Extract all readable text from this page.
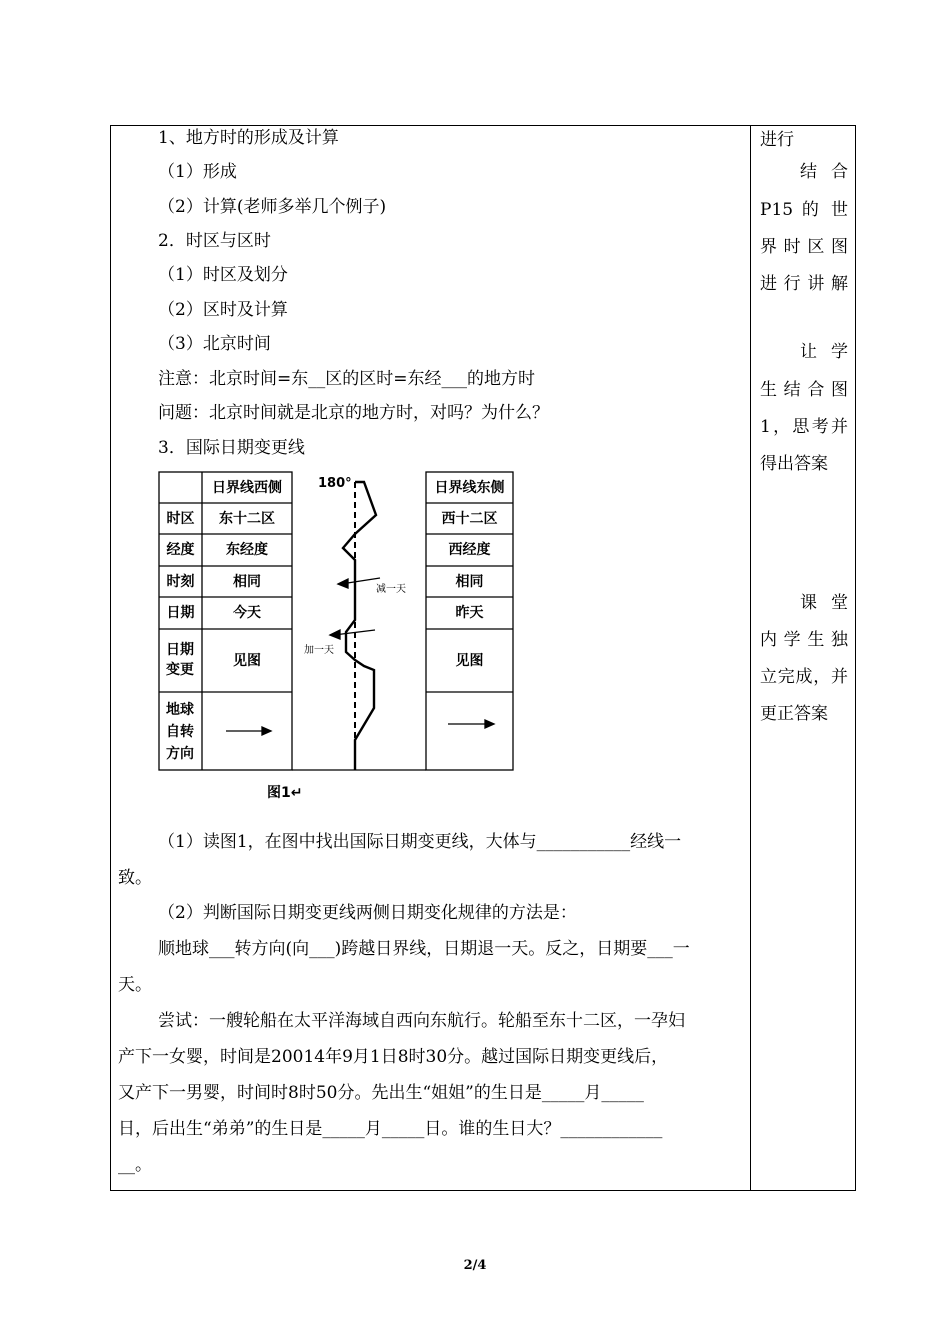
1、地方时的形成及计算
（1）形成
（2）计算(老师多举几个例子)
2．时区与区时
（1）时区及划分
（2）区时及计算
（3）北京时间
注意：北京时间=东__区的区时=东经___的地方时
问题：北京时间就是北京的地方时，对吗？为什么？
3．国际日期变更线
日界线西侧	180°	日界线东侧
时区
经度
时刻
日期
日期变更
地球自转方向
东十二区
东经度
相同
今天
见图
西十二区
西经度
相同
昨天
见图
减一天
加一天
图1↵
（1）读图1，在图中找出国际日期变更线，大体与___________经线一
致。
（2）判断国际日期变更线两侧日期变化规律的方法是：
顺地球___转方向(向___)跨越日界线，日期退一天。反之，日期要___一
天。
尝试：一艘轮船在太平洋海域自西向东航行。轮船至东十二区，一孕妇
产下一女婴，时间是20014年9月1日8时30分。越过国际日期变更线后，
又产下一男婴，时间时8时50分。先出生“姐姐”的生日是_____月_____
日，后出生“弟弟”的生日是_____月_____日。谁的生日大？____________
__。
进行
结 合
P15 的 世
界时区图
进行讲解
让 学
生结合图
1，思考并
得出答案
课 堂
内学生独
立完成，并
更正答案
2/4
